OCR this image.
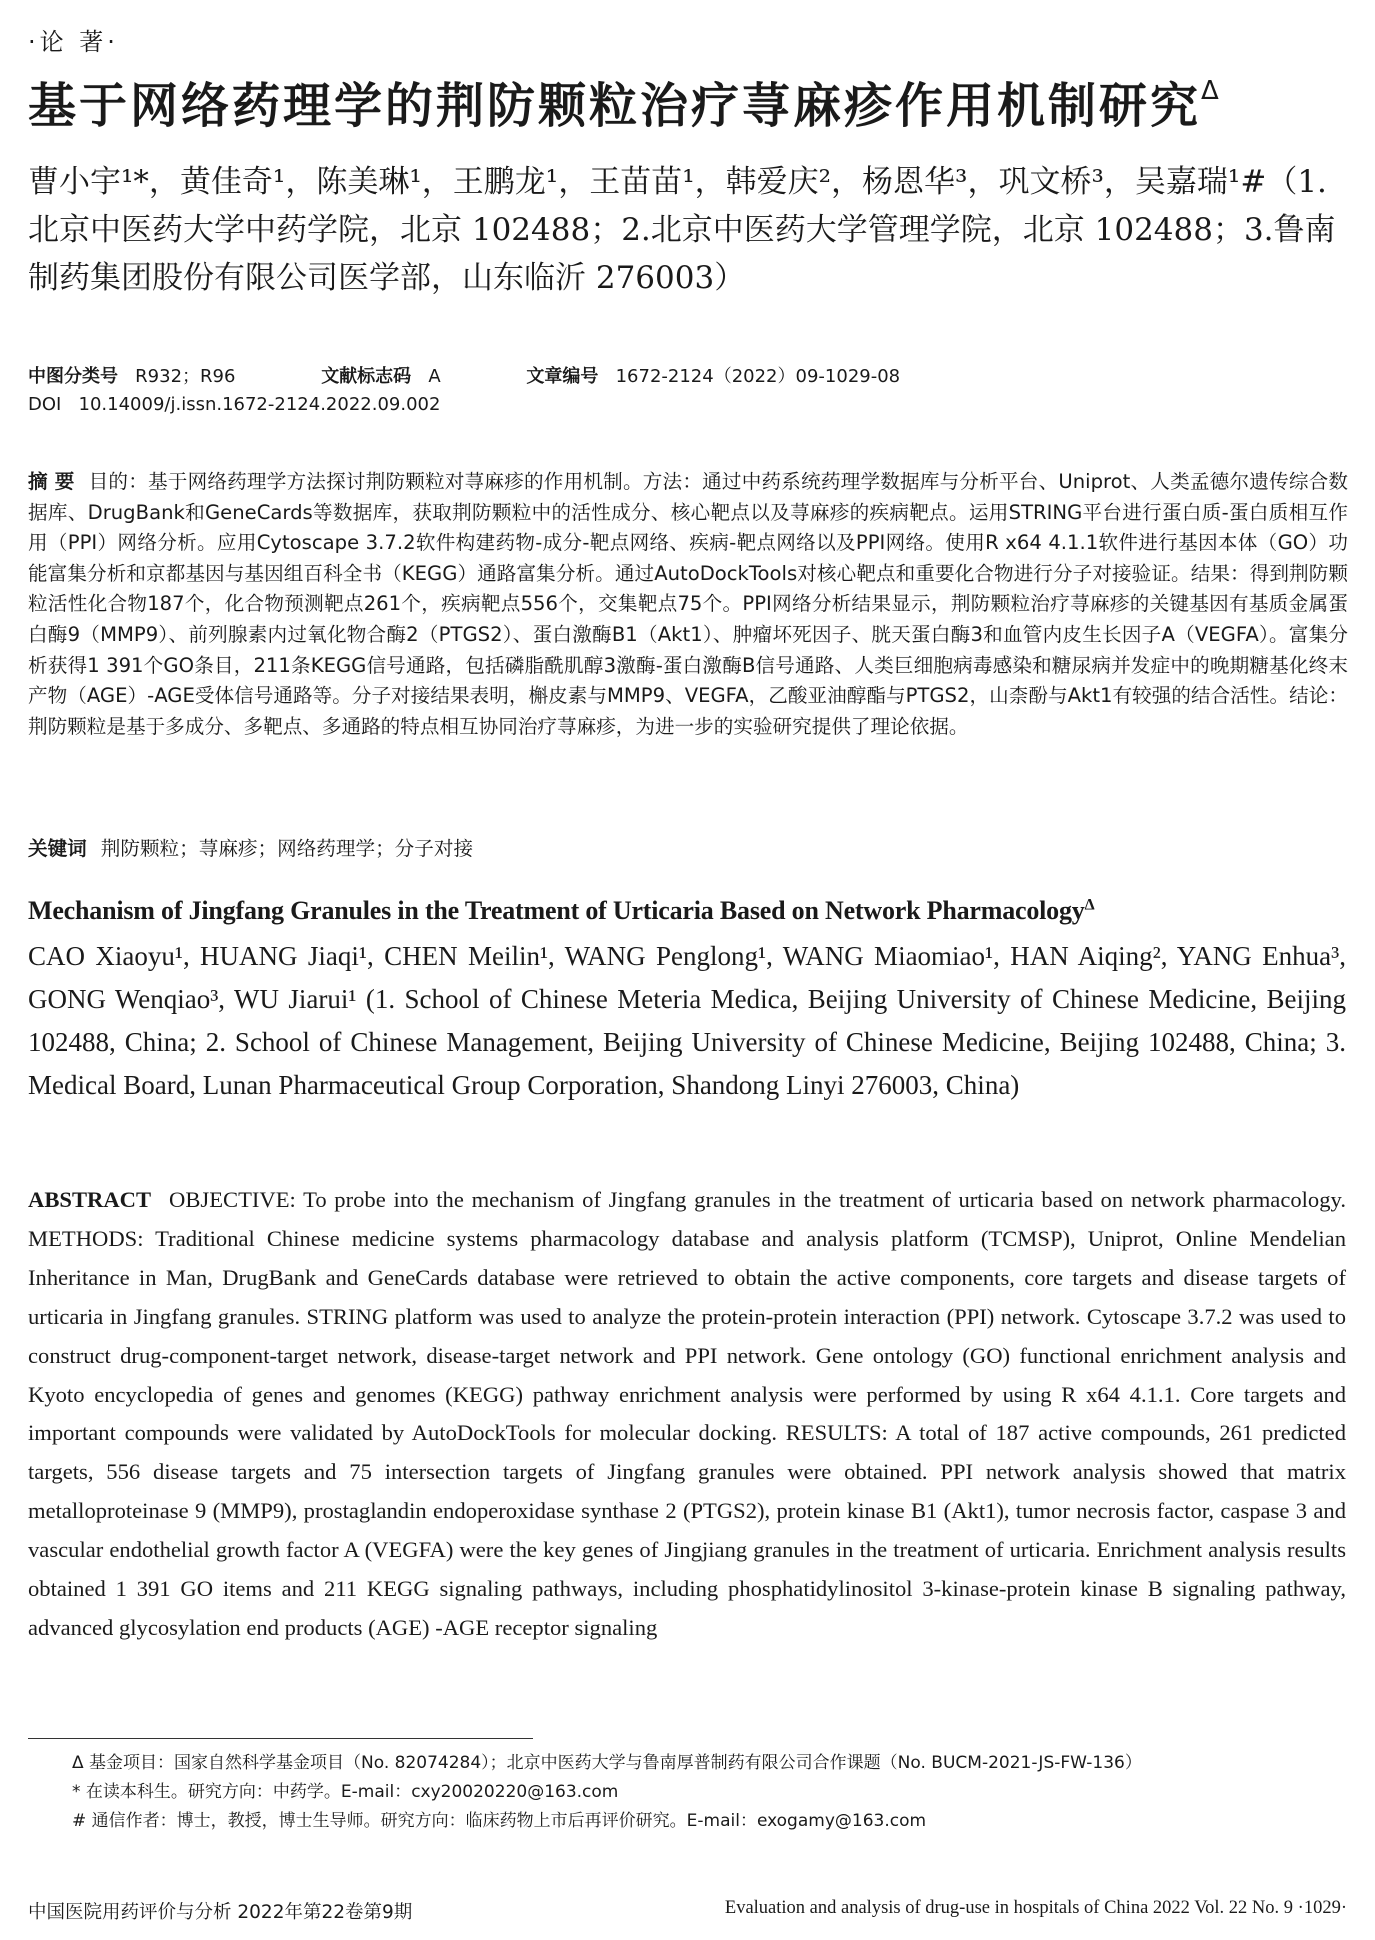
·论 著·
基于网络药理学的荆防颗粒治疗荨麻疹作用机制研究$^\Delta$
曹小宇¹*，黄佳奇¹，陈美琳¹，王鹏龙¹，王苗苗¹，韩爱庆²，杨恩华³，巩文桥³，吴嘉瑞¹#（1.北京中医药大学中药学院，北京 102488；2.北京中医药大学管理学院，北京 102488；3.鲁南制药集团股份有限公司医学部，山东临沂 276003）
中图分类号 R932；R96	文献标志码 A	文章编号 1672-2124（2022）09-1029-08
DOI 10.14009/j.issn.1672-2124.2022.09.002
摘 要 目的：基于网络药理学方法探讨荆防颗粒对荨麻疹的作用机制。方法：通过中药系统药理学数据库与分析平台、Uniprot、人类孟德尔遗传综合数据库、DrugBank和GeneCards等数据库，获取荆防颗粒中的活性成分、核心靶点以及荨麻疹的疾病靶点。运用STRING平台进行蛋白质-蛋白质相互作用（PPI）网络分析。应用Cytoscape 3.7.2软件构建药物-成分-靶点网络、疾病-靶点网络以及PPI网络。使用R x64 4.1.1软件进行基因本体（GO）功能富集分析和京都基因与基因组百科全书（KEGG）通路富集分析。通过AutoDockTools对核心靶点和重要化合物进行分子对接验证。结果：得到荆防颗粒活性化合物187个，化合物预测靶点261个，疾病靶点556个，交集靶点75个。PPI网络分析结果显示，荆防颗粒治疗荨麻疹的关键基因有基质金属蛋白酶9（MMP9）、前列腺素内过氧化物合酶2（PTGS2）、蛋白激酶B1（Akt1）、肿瘤坏死因子、胱天蛋白酶3和血管内皮生长因子A（VEGFA）。富集分析获得1 391个GO条目，211条KEGG信号通路，包括磷脂酰肌醇3激酶-蛋白激酶B信号通路、人类巨细胞病毒感染和糖尿病并发症中的晚期糖基化终末产物（AGE）-AGE受体信号通路等。分子对接结果表明，槲皮素与MMP9、VEGFA，乙酸亚油醇酯与PTGS2，山柰酚与Akt1有较强的结合活性。结论：荆防颗粒是基于多成分、多靶点、多通路的特点相互协同治疗荨麻疹，为进一步的实验研究提供了理论依据。
关键词 荆防颗粒；荨麻疹；网络药理学；分子对接
Mechanism of Jingfang Granules in the Treatment of Urticaria Based on Network Pharmacology$^\Delta$
CAO Xiaoyu¹, HUANG Jiaqi¹, CHEN Meilin¹, WANG Penglong¹, WANG Miaomiao¹, HAN Aiqing², YANG Enhua³, GONG Wenqiao³, WU Jiarui¹ (1. School of Chinese Meteria Medica, Beijing University of Chinese Medicine, Beijing 102488, China; 2. School of Chinese Management, Beijing University of Chinese Medicine, Beijing 102488, China; 3. Medical Board, Lunan Pharmaceutical Group Corporation, Shandong Linyi 276003, China)
ABSTRACT OBJECTIVE: To probe into the mechanism of Jingfang granules in the treatment of urticaria based on network pharmacology. METHODS: Traditional Chinese medicine systems pharmacology database and analysis platform (TCMSP), Uniprot, Online Mendelian Inheritance in Man, DrugBank and GeneCards database were retrieved to obtain the active components, core targets and disease targets of urticaria in Jingfang granules. STRING platform was used to analyze the protein-protein interaction (PPI) network. Cytoscape 3.7.2 was used to construct drug-component-target network, disease-target network and PPI network. Gene ontology (GO) functional enrichment analysis and Kyoto encyclopedia of genes and genomes (KEGG) pathway enrichment analysis were performed by using R x64 4.1.1. Core targets and important compounds were validated by AutoDockTools for molecular docking. RESULTS: A total of 187 active compounds, 261 predicted targets, 556 disease targets and 75 intersection targets of Jingfang granules were obtained. PPI network analysis showed that matrix metalloproteinase 9 (MMP9), prostaglandin endoperoxidase synthase 2 (PTGS2), protein kinase B1 (Akt1), tumor necrosis factor, caspase 3 and vascular endothelial growth factor A (VEGFA) were the key genes of Jingjiang granules in the treatment of urticaria. Enrichment analysis results obtained 1 391 GO items and 211 KEGG signaling pathways, including phosphatidylinositol 3-kinase-protein kinase B signaling pathway, advanced glycosylation end products (AGE) -AGE receptor signaling
Δ 基金项目：国家自然科学基金项目（No. 82074284）；北京中医药大学与鲁南厚普制药有限公司合作课题（No. BUCM-2021-JS-FW-136）
* 在读本科生。研究方向：中药学。E-mail：cxy20020220@163.com
# 通信作者：博士，教授，博士生导师。研究方向：临床药物上市后再评价研究。E-mail：exogamy@163.com
中国医院用药评价与分析 2022年第22卷第9期	Evaluation and analysis of drug-use in hospitals of China 2022 Vol. 22 No. 9 ·1029·
